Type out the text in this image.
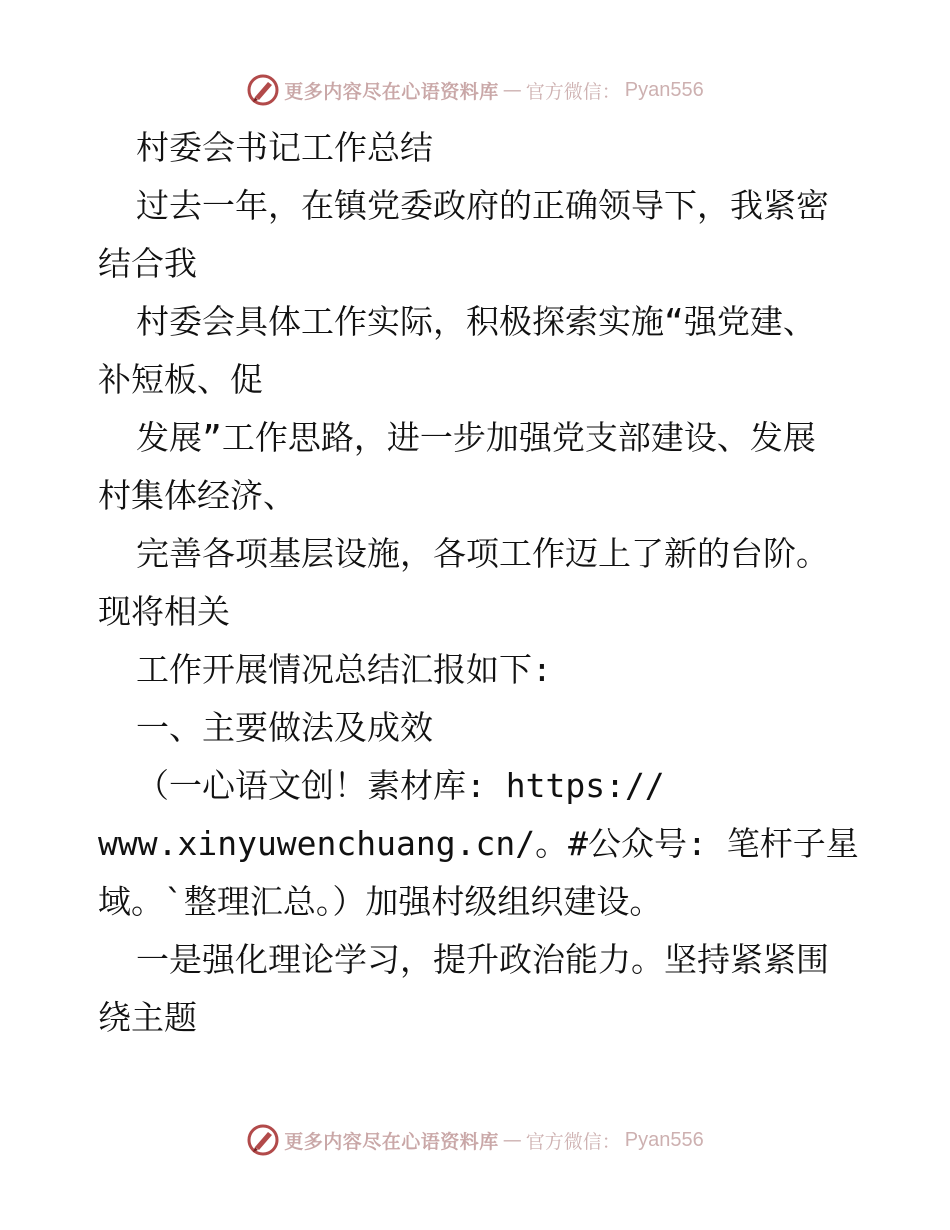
更多内容尽在心语资料库 — 官方微信： Pyan556
村委会书记工作总结
过去一年，在镇党委政府的正确领导下，我紧密
结合我
村委会具体工作实际，积极探索实施“强党建、
补短板、促
发展”工作思路，进一步加强党支部建设、发展
村集体经济、
完善各项基层设施，各项工作迈上了新的台阶。
现将相关
工作开展情况总结汇报如下:
一、主要做法及成效
（一心语文创！素材库: https://
www.xinyuwenchuang.cn/。#公众号: 笔杆子星
域。`整理汇总。）加强村级组织建设。
一是强化理论学习，提升政治能力。坚持紧紧围
绕主题
更多内容尽在心语资料库 — 官方微信： Pyan556
